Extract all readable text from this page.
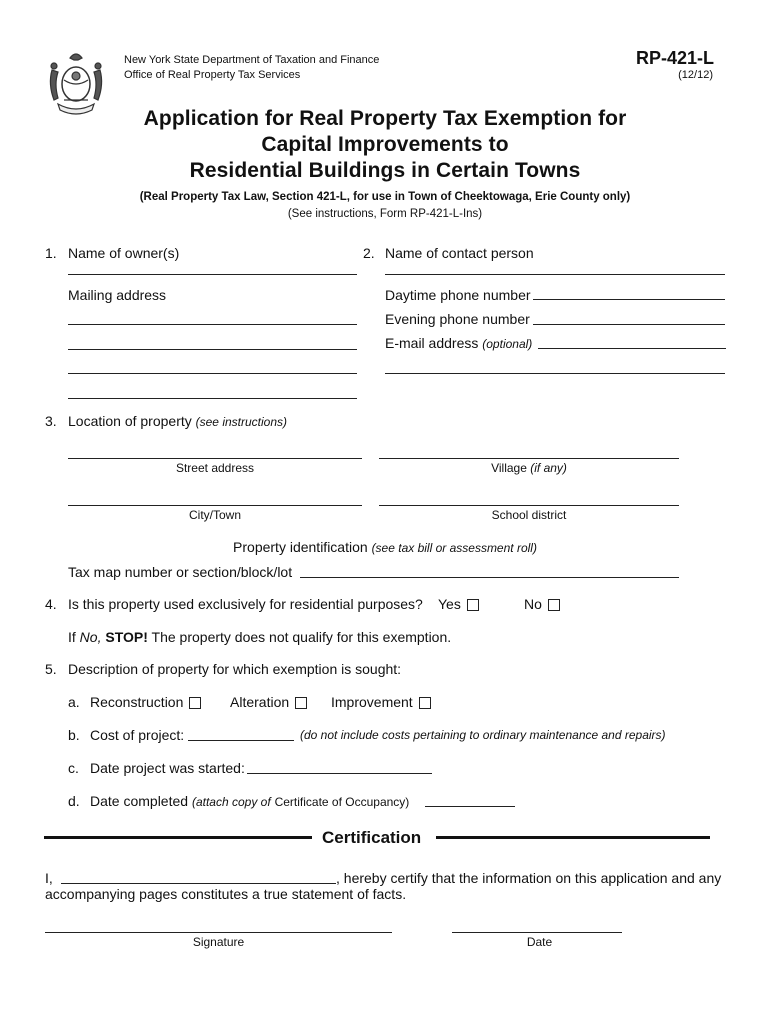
New York State Department of Taxation and Finance
Office of Real Property Tax Services
RP-421-L
(12/12)
Application for Real Property Tax Exemption for
Capital Improvements to
Residential Buildings in Certain Towns
(Real Property Tax Law, Section 421-L, for use in Town of Cheektowaga, Erie County only)
(See instructions, Form RP-421-L-Ins)
1. Name of owner(s)
Mailing address
2. Name of contact person
Daytime phone number
Evening phone number
E-mail address (optional)
3. Location of property (see instructions)
Street address	Village (if any)
City/Town	School district
Property identification (see tax bill or assessment roll)
Tax map number or section/block/lot
4. Is this property used exclusively for residential purposes? Yes	No
If No, STOP! The property does not qualify for this exemption.
5. Description of property for which exemption is sought:
a. Reconstruction	Alteration	Improvement
b. Cost of project:	(do not include costs pertaining to ordinary maintenance and repairs)
c. Date project was started:
d. Date completed (attach copy of Certificate of Occupancy)
Certification
I,	, hereby certify that the information on this application and any
accompanying pages constitutes a true statement of facts.
Signature	Date
